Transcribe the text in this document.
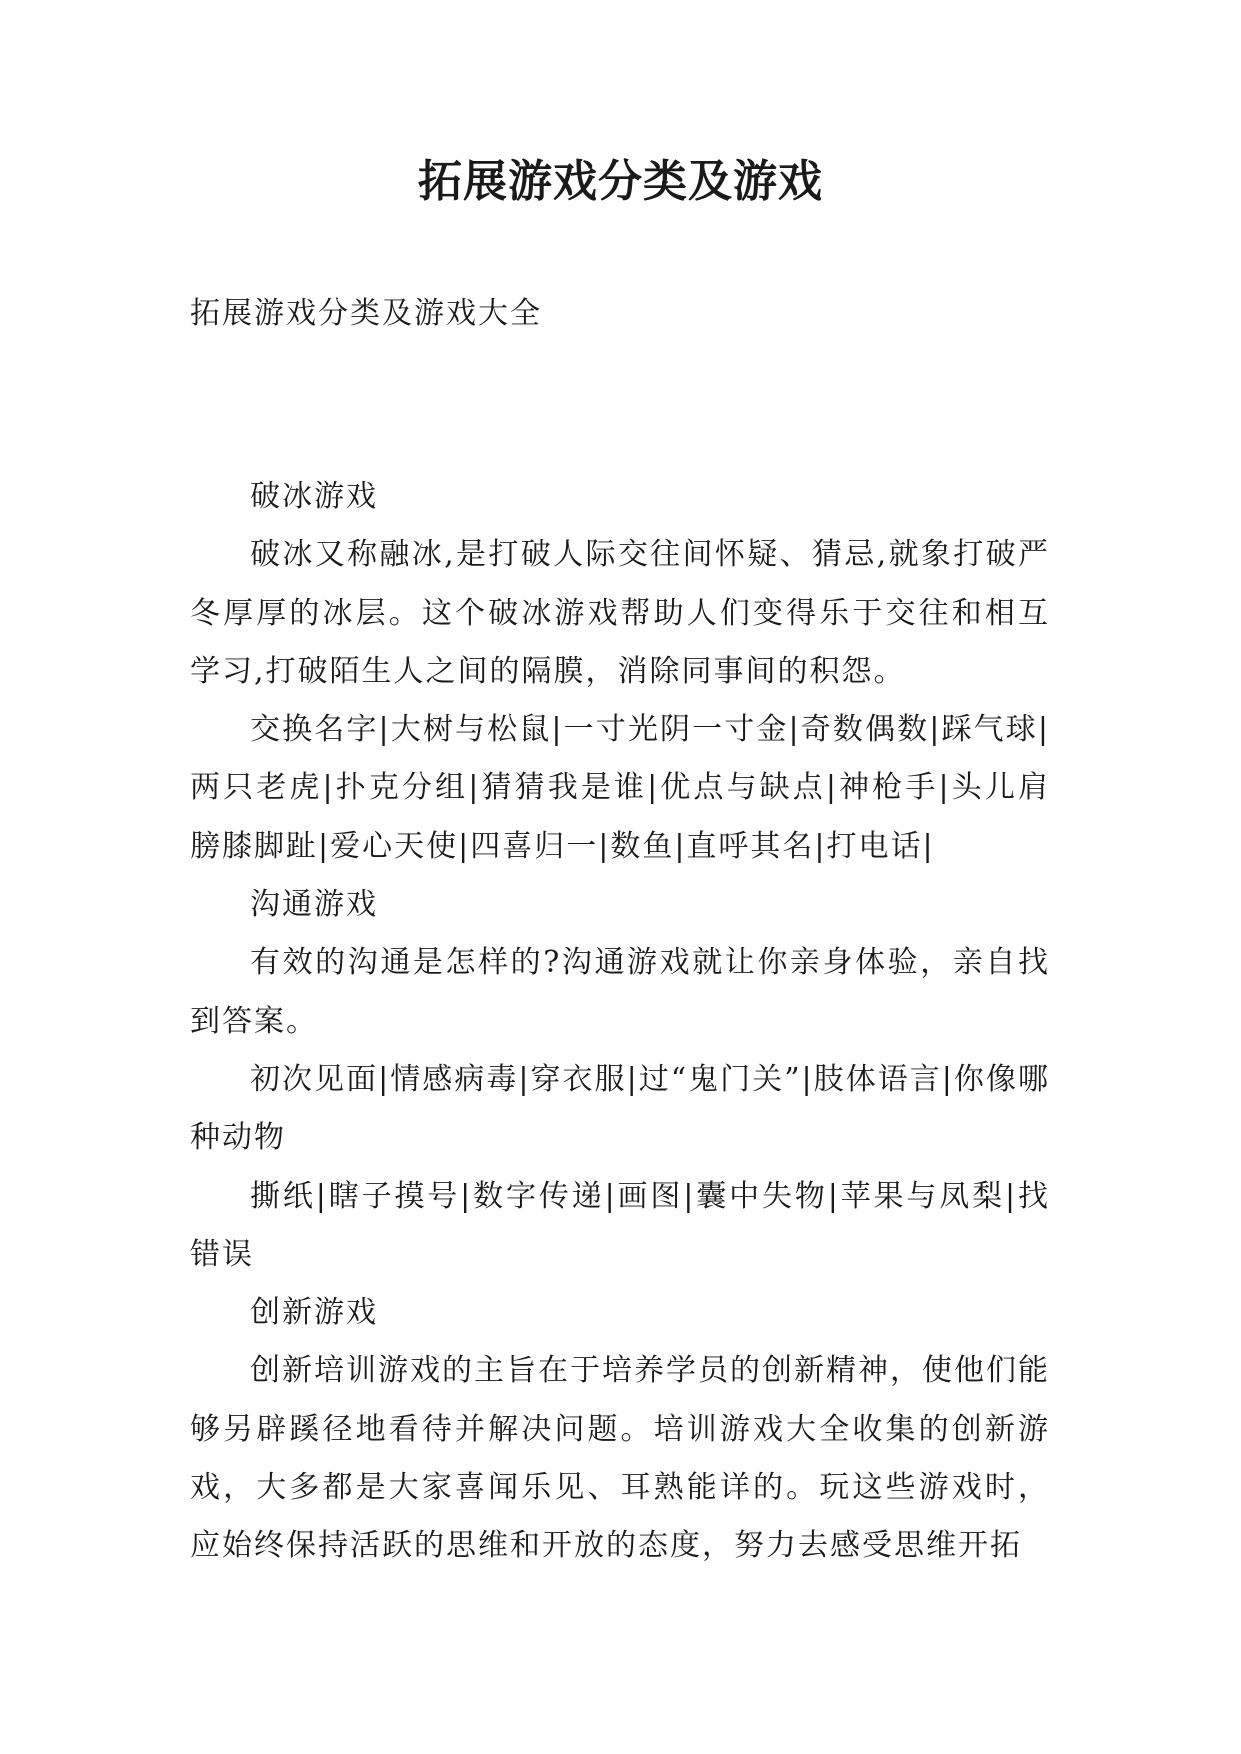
拓展游戏分类及游戏
拓展游戏分类及游戏大全

破冰游戏

破冰又称融冰,是打破人际交往间怀疑、猜忌,就象打破严冬厚厚的冰层。这个破冰游戏帮助人们变得乐于交往和相互学习,打破陌生人之间的隔膜，消除同事间的积怨。

交换名字|大树与松鼠|一寸光阴一寸金|奇数偶数|踩气球|两只老虎|扑克分组|猜猜我是谁|优点与缺点|神枪手|头儿肩膀膝脚趾|爱心天使|四喜归一|数鱼|直呼其名|打电话|

沟通游戏

有效的沟通是怎样的?沟通游戏就让你亲身体验，亲自找到答案。

初次见面|情感病毒|穿衣服|过“鬼门关”|肢体语言|你像哪种动物

撕纸|瞎子摸号|数字传递|画图|囊中失物|苹果与凤梨|找错误

创新游戏

创新培训游戏的主旨在于培养学员的创新精神，使他们能够另辟蹊径地看待并解决问题。培训游戏大全收集的创新游戏，大多都是大家喜闻乐见、耳熟能详的。玩这些游戏时，应始终保持活跃的思维和开放的态度，努力去感受思维开拓
